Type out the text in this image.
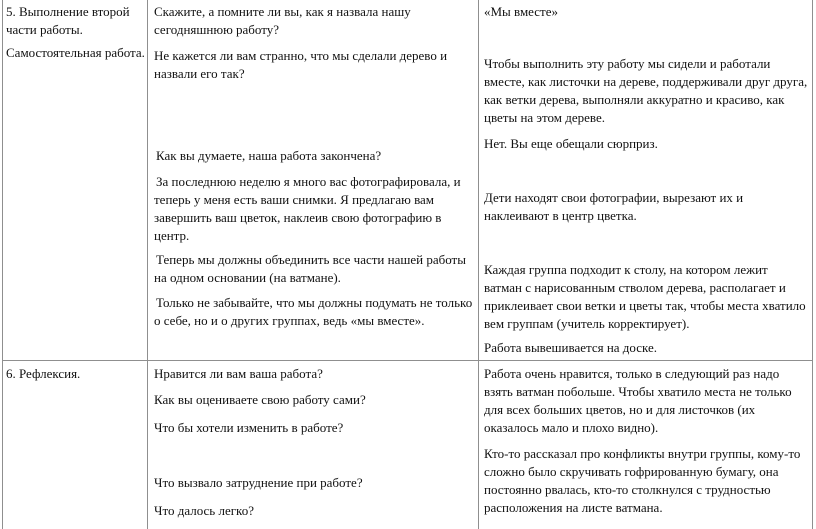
5. Выполнение второй

части работы.

Самостоятельная работа.

Скажите, а помните ли вы, как я назвала нашу

сегодняшнюю работу?

Не кажется ли вам странно, что мы сделали дерево и

назвали его так?

Как вы думаете, наша работа закончена?

За последнюю неделю я много вас фотографировала, и

теперь у меня есть ваши снимки. Я предлагаю вам

завершить ваш цветок, наклеив свою фотографию в

центр.

Теперь мы должны объединить все части нашей работы

на одном основании (на ватмане).

Только не забывайте, что мы должны подумать не только

о себе, но и о других группах, ведь «мы вместе».

«Мы вместе»

Чтобы выполнить эту работу мы сидели и работали

вместе, как листочки на дереве, поддерживали друг друга,

как ветки дерева, выполняли аккуратно и красиво, как

цветы на этом дереве.

Нет. Вы еще обещали сюрприз.

Дети находят свои фотографии, вырезают их и

наклеивают в центр цветка.

Каждая группа подходит к столу, на котором лежит

ватман с нарисованным стволом дерева, располагает и

приклеивает свои ветки и цветы так, чтобы места хватило

вем группам (учитель корректирует).

Работа вывешивается на доске.

6. Рефлексия.	Нравится ли вам ваша работа?

Как вы оцениваете свою работу сами?

Что бы хотели изменить в работе?

Что вызвало затруднение при работе?

Что далось легко?

Работа очень нравится, только в следующий раз надо

взять ватман побольше. Чтобы хватило места не только

для всех больших цветов, но и для листочков (их

оказалось мало и плохо видно).

Кто-то рассказал про конфликты внутри группы, кому-то

сложно было скручивать гофрированную бумагу, она

постоянно рвалась, кто-то столкнулся с трудностью

расположения на листе ватмана.
